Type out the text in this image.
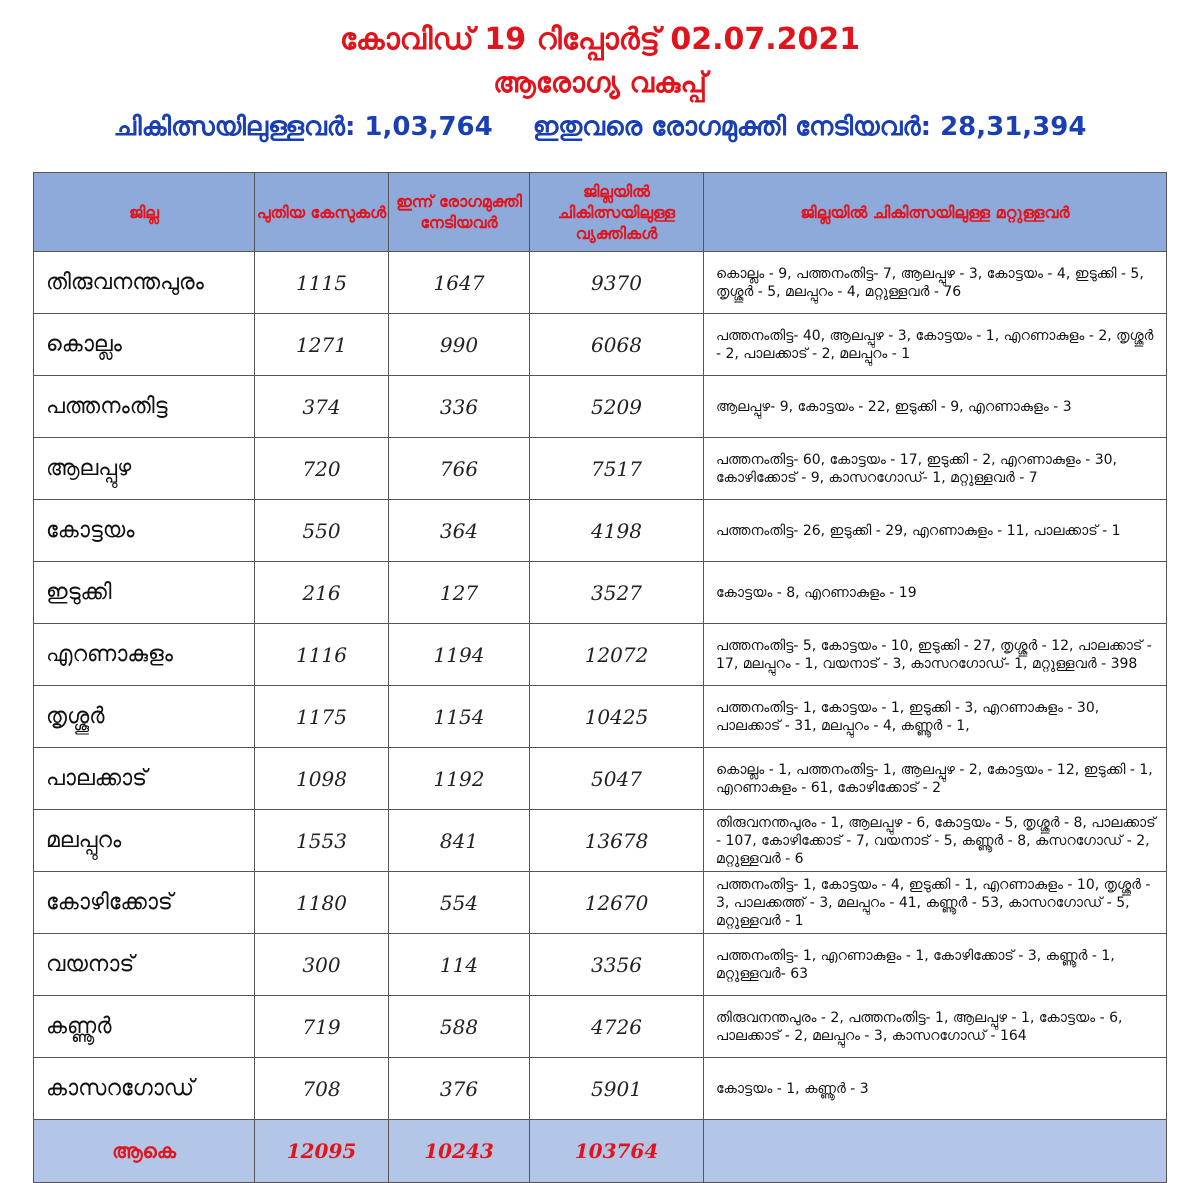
കോവിഡ് 19 റിപ്പോർട്ട് 02.07.2021
ആരോഗ്യ വകുപ്പ്
ചികിത്സയിലുള്ളവർ: 1,03,764 ഇതുവരെ രോഗമുക്തി നേടിയവർ: 28,31,394
ജില്ല	പുതിയ കേസുകൾ	ഇന്ന് രോഗമുക്തി നേടിയവർ	ജില്ലയിൽ ചികിത്സയിലുള്ള വ്യക്തികൾ	ജില്ലയിൽ ചികിത്സയിലുള്ള മറ്റുള്ളവർ
തിരുവനന്തപുരം	1115	1647	9370	കൊല്ലം - 9, പത്തനംതിട്ട- 7, ആലപ്പുഴ - 3, കോട്ടയം - 4, ഇടുക്കി - 5, തൃശ്ശൂർ - 5, മലപ്പുറം - 4, മറ്റുള്ളവർ - 76
കൊല്ലം	1271	990	6068	പത്തനംതിട്ട- 40, ആലപ്പുഴ - 3, കോട്ടയം - 1, എറണാകുളം - 2, തൃശ്ശൂർ - 2, പാലക്കാട് - 2, മലപ്പുറം - 1
പത്തനംതിട്ട	374	336	5209	ആലപ്പുഴ- 9, കോട്ടയം - 22, ഇടുക്കി - 9, എറണാകുളം - 3
ആലപ്പുഴ	720	766	7517	പത്തനംതിട്ട- 60, കോട്ടയം - 17, ഇടുക്കി - 2, എറണാകുളം - 30, കോഴിക്കോട് - 9, കാസറഗോഡ്- 1, മറ്റുള്ളവർ - 7
കോട്ടയം	550	364	4198	പത്തനംതിട്ട- 26, ഇടുക്കി - 29, എറണാകുളം - 11, പാലക്കാട് - 1
ഇടുക്കി	216	127	3527	കോട്ടയം - 8, എറണാകുളം - 19
എറണാകുളം	1116	1194	12072	പത്തനംതിട്ട- 5, കോട്ടയം - 10, ഇടുക്കി - 27, തൃശ്ശൂർ - 12, പാലക്കാട് - 17, മലപ്പുറം - 1, വയനാട് - 3, കാസറഗോഡ്- 1, മറ്റുള്ളവർ - 398
തൃശ്ശൂർ	1175	1154	10425	പത്തനംതിട്ട- 1, കോട്ടയം - 1, ഇടുക്കി - 3, എറണാകുളം - 30, പാലക്കാട് - 31, മലപ്പുറം - 4, കണ്ണൂർ - 1,
പാലക്കാട്	1098	1192	5047	കൊല്ലം - 1, പത്തനംതിട്ട- 1, ആലപ്പുഴ - 2, കോട്ടയം - 12, ഇടുക്കി - 1, എറണാകുളം - 61, കോഴിക്കോട് - 2
മലപ്പുറം	1553	841	13678	തിരുവനന്തപുരം - 1, ആലപ്പുഴ - 6, കോട്ടയം - 5, തൃശ്ശൂർ - 8, പാലക്കാട് - 107, കോഴിക്കോട് - 7, വയനാട് - 5, കണ്ണൂർ - 8, കസറഗോഡ് - 2, മറ്റുള്ളവർ - 6
കോഴിക്കോട്	1180	554	12670	പത്തനംതിട്ട- 1, കോട്ടയം - 4, ഇടുക്കി - 1, എറണാകുളം - 10, തൃശ്ശൂർ - 3, പാലക്കത്ത് - 3, മലപ്പുറം - 41, കണ്ണൂർ - 53, കാസറഗോഡ് - 5, മറ്റുള്ളവർ - 1
വയനാട്	300	114	3356	പത്തനംതിട്ട- 1, എറണാകുളം - 1, കോഴിക്കോട് - 3, കണ്ണൂർ - 1, മറ്റുള്ളവർ- 63
കണ്ണൂർ	719	588	4726	തിരുവനന്തപുരം - 2, പത്തനംതിട്ട- 1, ആലപ്പുഴ - 1, കോട്ടയം - 6, പാലക്കാട് - 2, മലപ്പുറം - 3, കാസറഗോഡ് - 164
കാസറഗോഡ്	708	376	5901	കോട്ടയം - 1, കണ്ണൂർ - 3
ആകെ	12095	10243	103764	
